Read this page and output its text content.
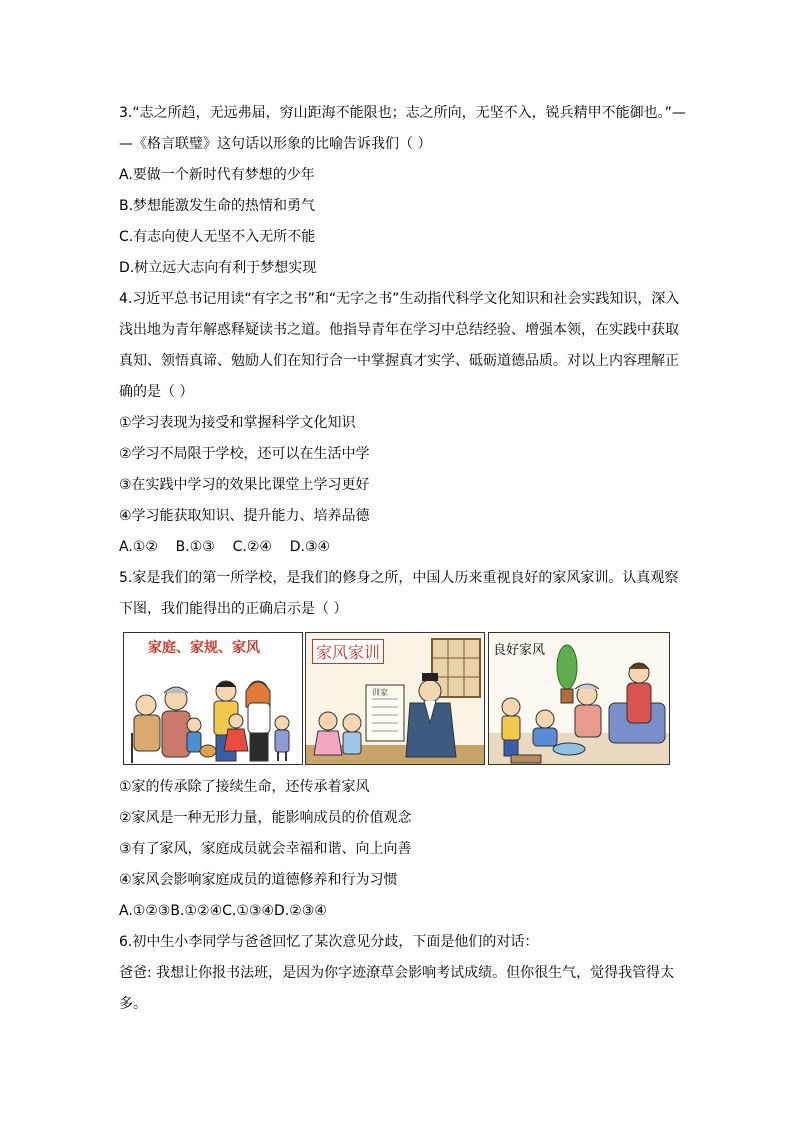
3.“志之所趋，无远弗届，穷山距海不能限也；志之所向，无坚不入，锐兵精甲不能御也。”—
—《格言联璧》这句话以形象的比喻告诉我们（ ）
A.要做一个新时代有梦想的少年
B.梦想能激发生命的热情和勇气
C.有志向使人无坚不入无所不能
D.树立远大志向有利于梦想实现
4.习近平总书记用读“有字之书”和“无字之书”生动指代科学文化知识和社会实践知识，深入
浅出地为青年解惑释疑读书之道。他指导青年在学习中总结经验、增强本领，在实践中获取
真知、领悟真谛、勉励人们在知行合一中掌握真才实学、砥砺道德品质。对以上内容理解正
确的是（ ）
①学习表现为接受和掌握科学文化知识
②学习不局限于学校，还可以在生活中学
③在实践中学习的效果比课堂上学习更好
④学习能获取知识、提升能力、培养品德
A.①②    B.①③    C.②④    D.③④
5.家是我们的第一所学校，是我们的修身之所，中国人历来重视良好的家风家训。认真观察
下图，我们能得出的正确启示是（ ）
家庭、家规、家风	家风家训
训家
良好家风
①家的传承除了接续生命，还传承着家风
②家风是一种无形力量，能影响成员的价值观念
③有了家风，家庭成员就会幸福和谐、向上向善
④家风会影响家庭成员的道德修养和行为习惯
A.①②③B.①②④C.①③④D.②③④
6.初中生小李同学与爸爸回忆了某次意见分歧，下面是他们的对话：
爸爸: 我想让你报书法班，是因为你字迹潦草会影响考试成绩。但你很生气，觉得我管得太
多。
